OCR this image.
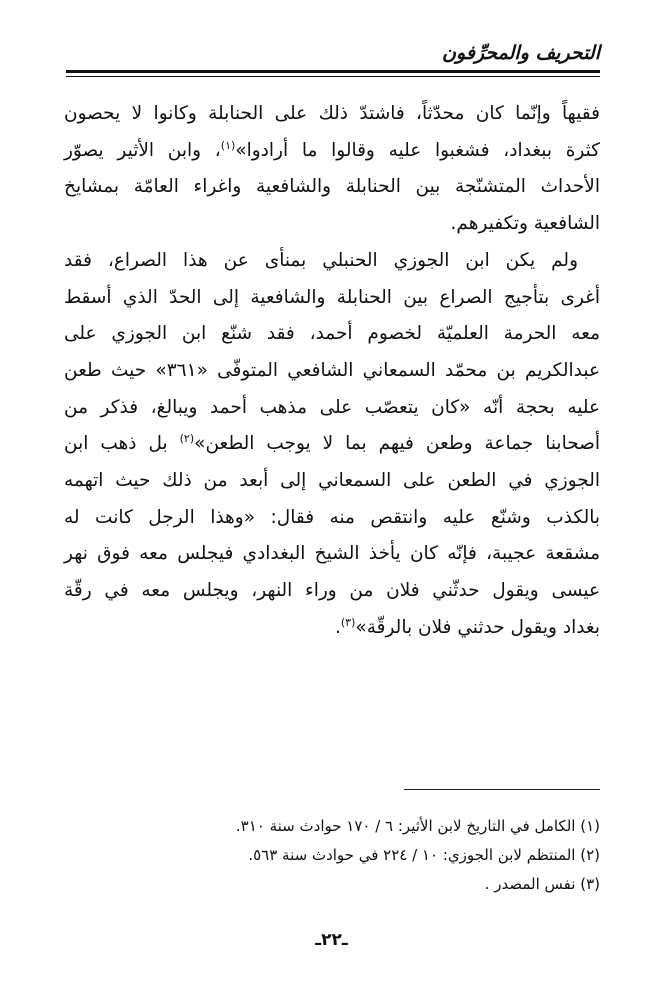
التحريف والمحرِّفون

فقيهاً وإنّما كان محدّثاً، فاشتدّ ذلك على الحنابلة وكانوا لا يحصون

كثرة ببغداد، فشغبوا عليه وقالوا ما أرادوا»$^{(١)}$، وابن الأثير يصوّر

الأحداث المتشنّجة بين الحنابلة والشافعية واغراء العامّة بمشايخ

الشافعية وتكفيرهم.

ولم يكن ابن الجوزي الحنبلي بمنأى عن هذا الصراع، فقد

أغرى بتأجيج الصراع بين الحنابلة والشافعية إلى الحدّ الذي أسقط

معه الحرمة العلميّة لخصوم أحمد، فقد شنّع ابن الجوزي على

عبدالكريم بن محمّد السمعاني الشافعي المتوفّى «٣٦١» حيث طعن

عليه بحجة أنّه «كان يتعصّب على مذهب أحمد ويبالغ، فذكر من

أصحابنا جماعة وطعن فيهم بما لا يوجب الطعن»$^{(٢)}$ بل ذهب ابن

الجوزي في الطعن على السمعاني إلى أبعد من ذلك حيث اتهمه

بالكذب وشنّع عليه وانتقص منه فقال: «وهذا الرجل كانت له

مشقعة عجيبة، فإنّه كان يأخذ الشيخ البغدادي فيجلس معه فوق نهر

عيسى ويقول حدثّني فلان من وراء النهر، ويجلس معه في رقّة

بغداد ويقول حدثني فلان بالرقّة»$^{(٣)}$.

(١) الكامل في التاريخ لابن الأثير: ٦ / ١٧٠ حوادث سنة ٣١٠.
(٢) المنتظم لابن الجوزي: ١٠ / ٢٢٤ في حوادث سنة ٥٦٣.
(٣) نفس المصدر .
ـ٢٢ـ
